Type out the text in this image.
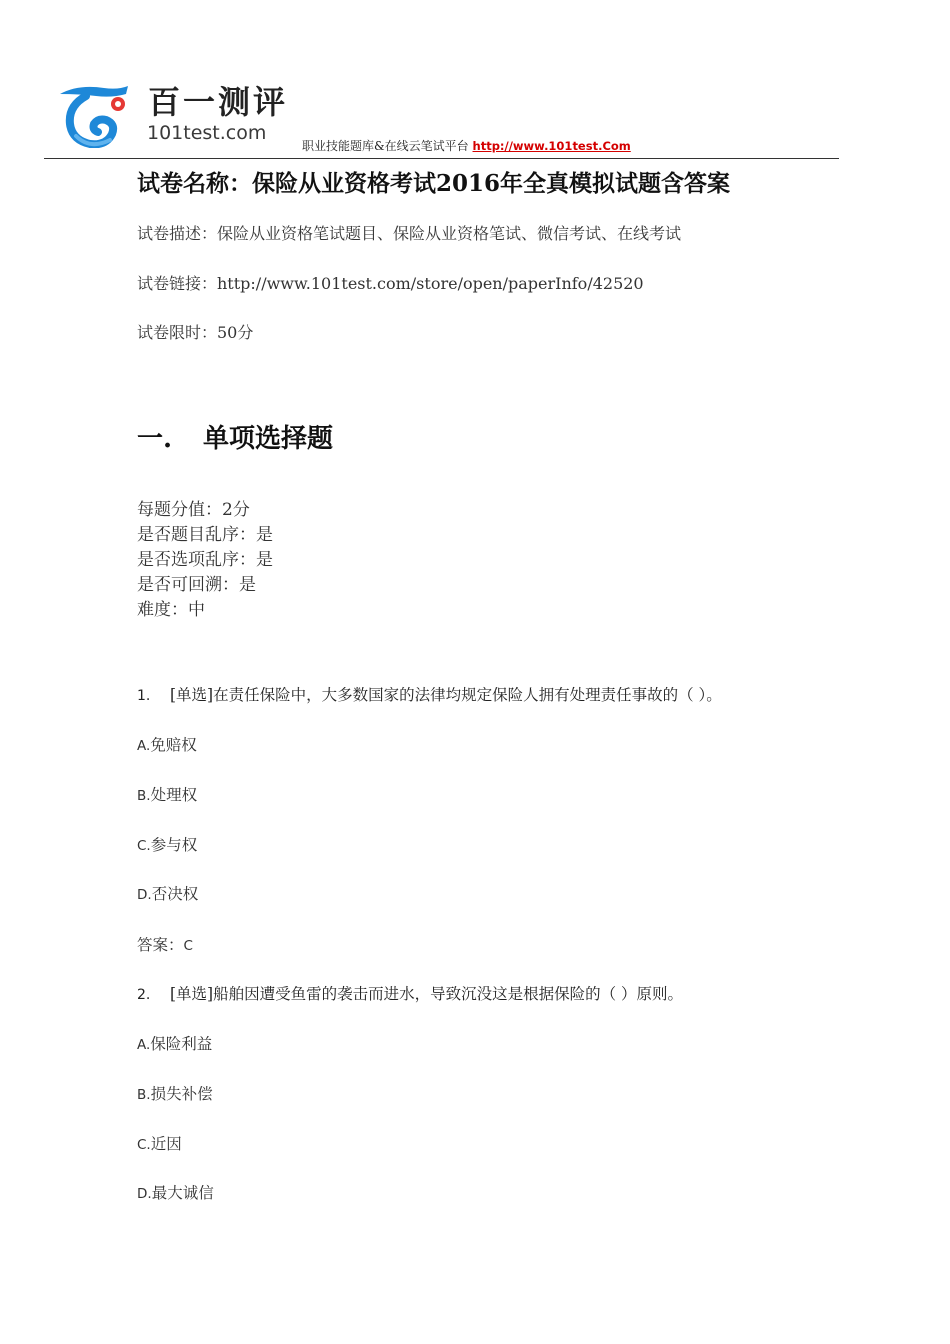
百一测评
101test.com
职业技能题库&在线云笔试平台 http://www.101test.Com
试卷名称：保险从业资格考试2016年全真模拟试题含答案
试卷描述：保险从业资格笔试题目、保险从业资格笔试、微信考试、在线考试
试卷链接：http://www.101test.com/store/open/paperInfo/42520
试卷限时：50分
一. 单项选择题
每题分值：2分
是否题目乱序：是
是否选项乱序：是
是否可回溯：是
难度：中
1. [单选]在责任保险中，大多数国家的法律均规定保险人拥有处理责任事故的（ ）。
A.免赔权
B.处理权
C.参与权
D.否决权
答案：C
2. [单选]船舶因遭受鱼雷的袭击而进水，导致沉没这是根据保险的（ ）原则。
A.保险利益
B.损失补偿
C.近因
D.最大诚信
